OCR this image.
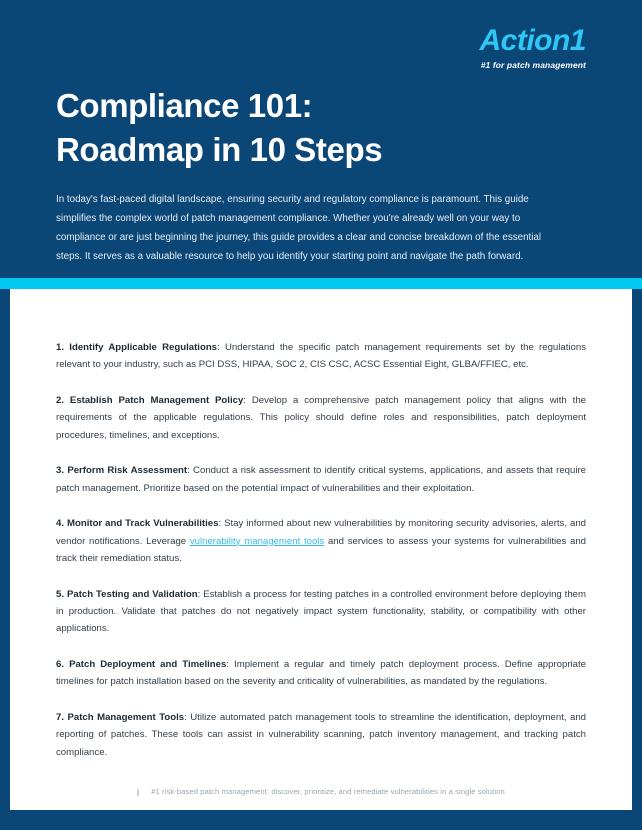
Action1
#1 for patch management
Compliance 101:
Roadmap in 10 Steps

In today's fast-paced digital landscape, ensuring security and regulatory compliance is paramount. This guide simplifies the complex world of patch management compliance. Whether you're already well on your way to compliance or are just beginning the journey, this guide provides a clear and concise breakdown of the essential steps. It serves as a valuable resource to help you identify your starting point and navigate the path forward.

1. Identify Applicable Regulations: Understand the specific patch management requirements set by the regulations relevant to your industry, such as PCI DSS, HIPAA, SOC 2, CIS CSC, ACSC Essential Eight, GLBA/FFIEC, etc.

2. Establish Patch Management Policy: Develop a comprehensive patch management policy that aligns with the requirements of the applicable regulations. This policy should define roles and responsibilities, patch deployment procedures, timelines, and exceptions.

3. Perform Risk Assessment: Conduct a risk assessment to identify critical systems, applications, and assets that require patch management. Prioritize based on the potential impact of vulnerabilities and their exploitation.

4. Monitor and Track Vulnerabilities: Stay informed about new vulnerabilities by monitoring security advisories, alerts, and vendor notifications. Leverage vulnerability management tools and services to assess your systems for vulnerabilities and track their remediation status.

5. Patch Testing and Validation: Establish a process for testing patches in a controlled environment before deploying them in production. Validate that patches do not negatively impact system functionality, stability, or compatibility with other applications.

6. Patch Deployment and Timelines: Implement a regular and timely patch deployment process. Define appropriate timelines for patch installation based on the severity and criticality of vulnerabilities, as mandated by the regulations.

7. Patch Management Tools: Utilize automated patch management tools to streamline the identification, deployment, and reporting of patches. These tools can assist in vulnerability scanning, patch inventory management, and tracking patch compliance.

#1 risk-based patch management: discover, prioritize, and remediate vulnerabilities in a single solution
